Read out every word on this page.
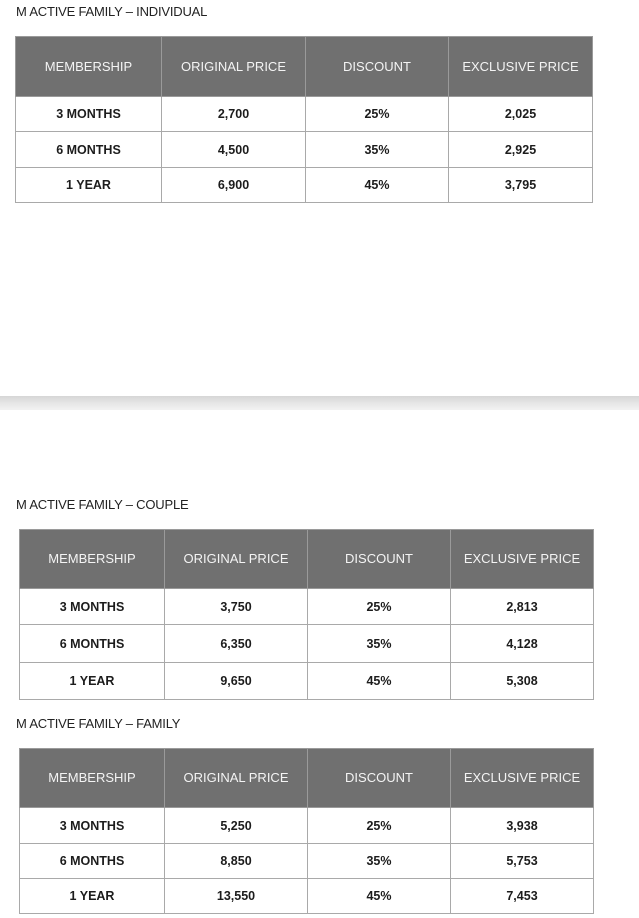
M ACTIVE FAMILY – INDIVIDUAL
MEMBERSHIP	ORIGINAL PRICE	DISCOUNT	EXCLUSIVE PRICE
3 MONTHS	2,700	25%	2,025
6 MONTHS	4,500	35%	2,925
1 YEAR	6,900	45%	3,795
M ACTIVE FAMILY – COUPLE
MEMBERSHIP	ORIGINAL PRICE	DISCOUNT	EXCLUSIVE PRICE
3 MONTHS	3,750	25%	2,813
6 MONTHS	6,350	35%	4,128
1 YEAR	9,650	45%	5,308
M ACTIVE FAMILY – FAMILY
MEMBERSHIP	ORIGINAL PRICE	DISCOUNT	EXCLUSIVE PRICE
3 MONTHS	5,250	25%	3,938
6 MONTHS	8,850	35%	5,753
1 YEAR	13,550	45%	7,453
